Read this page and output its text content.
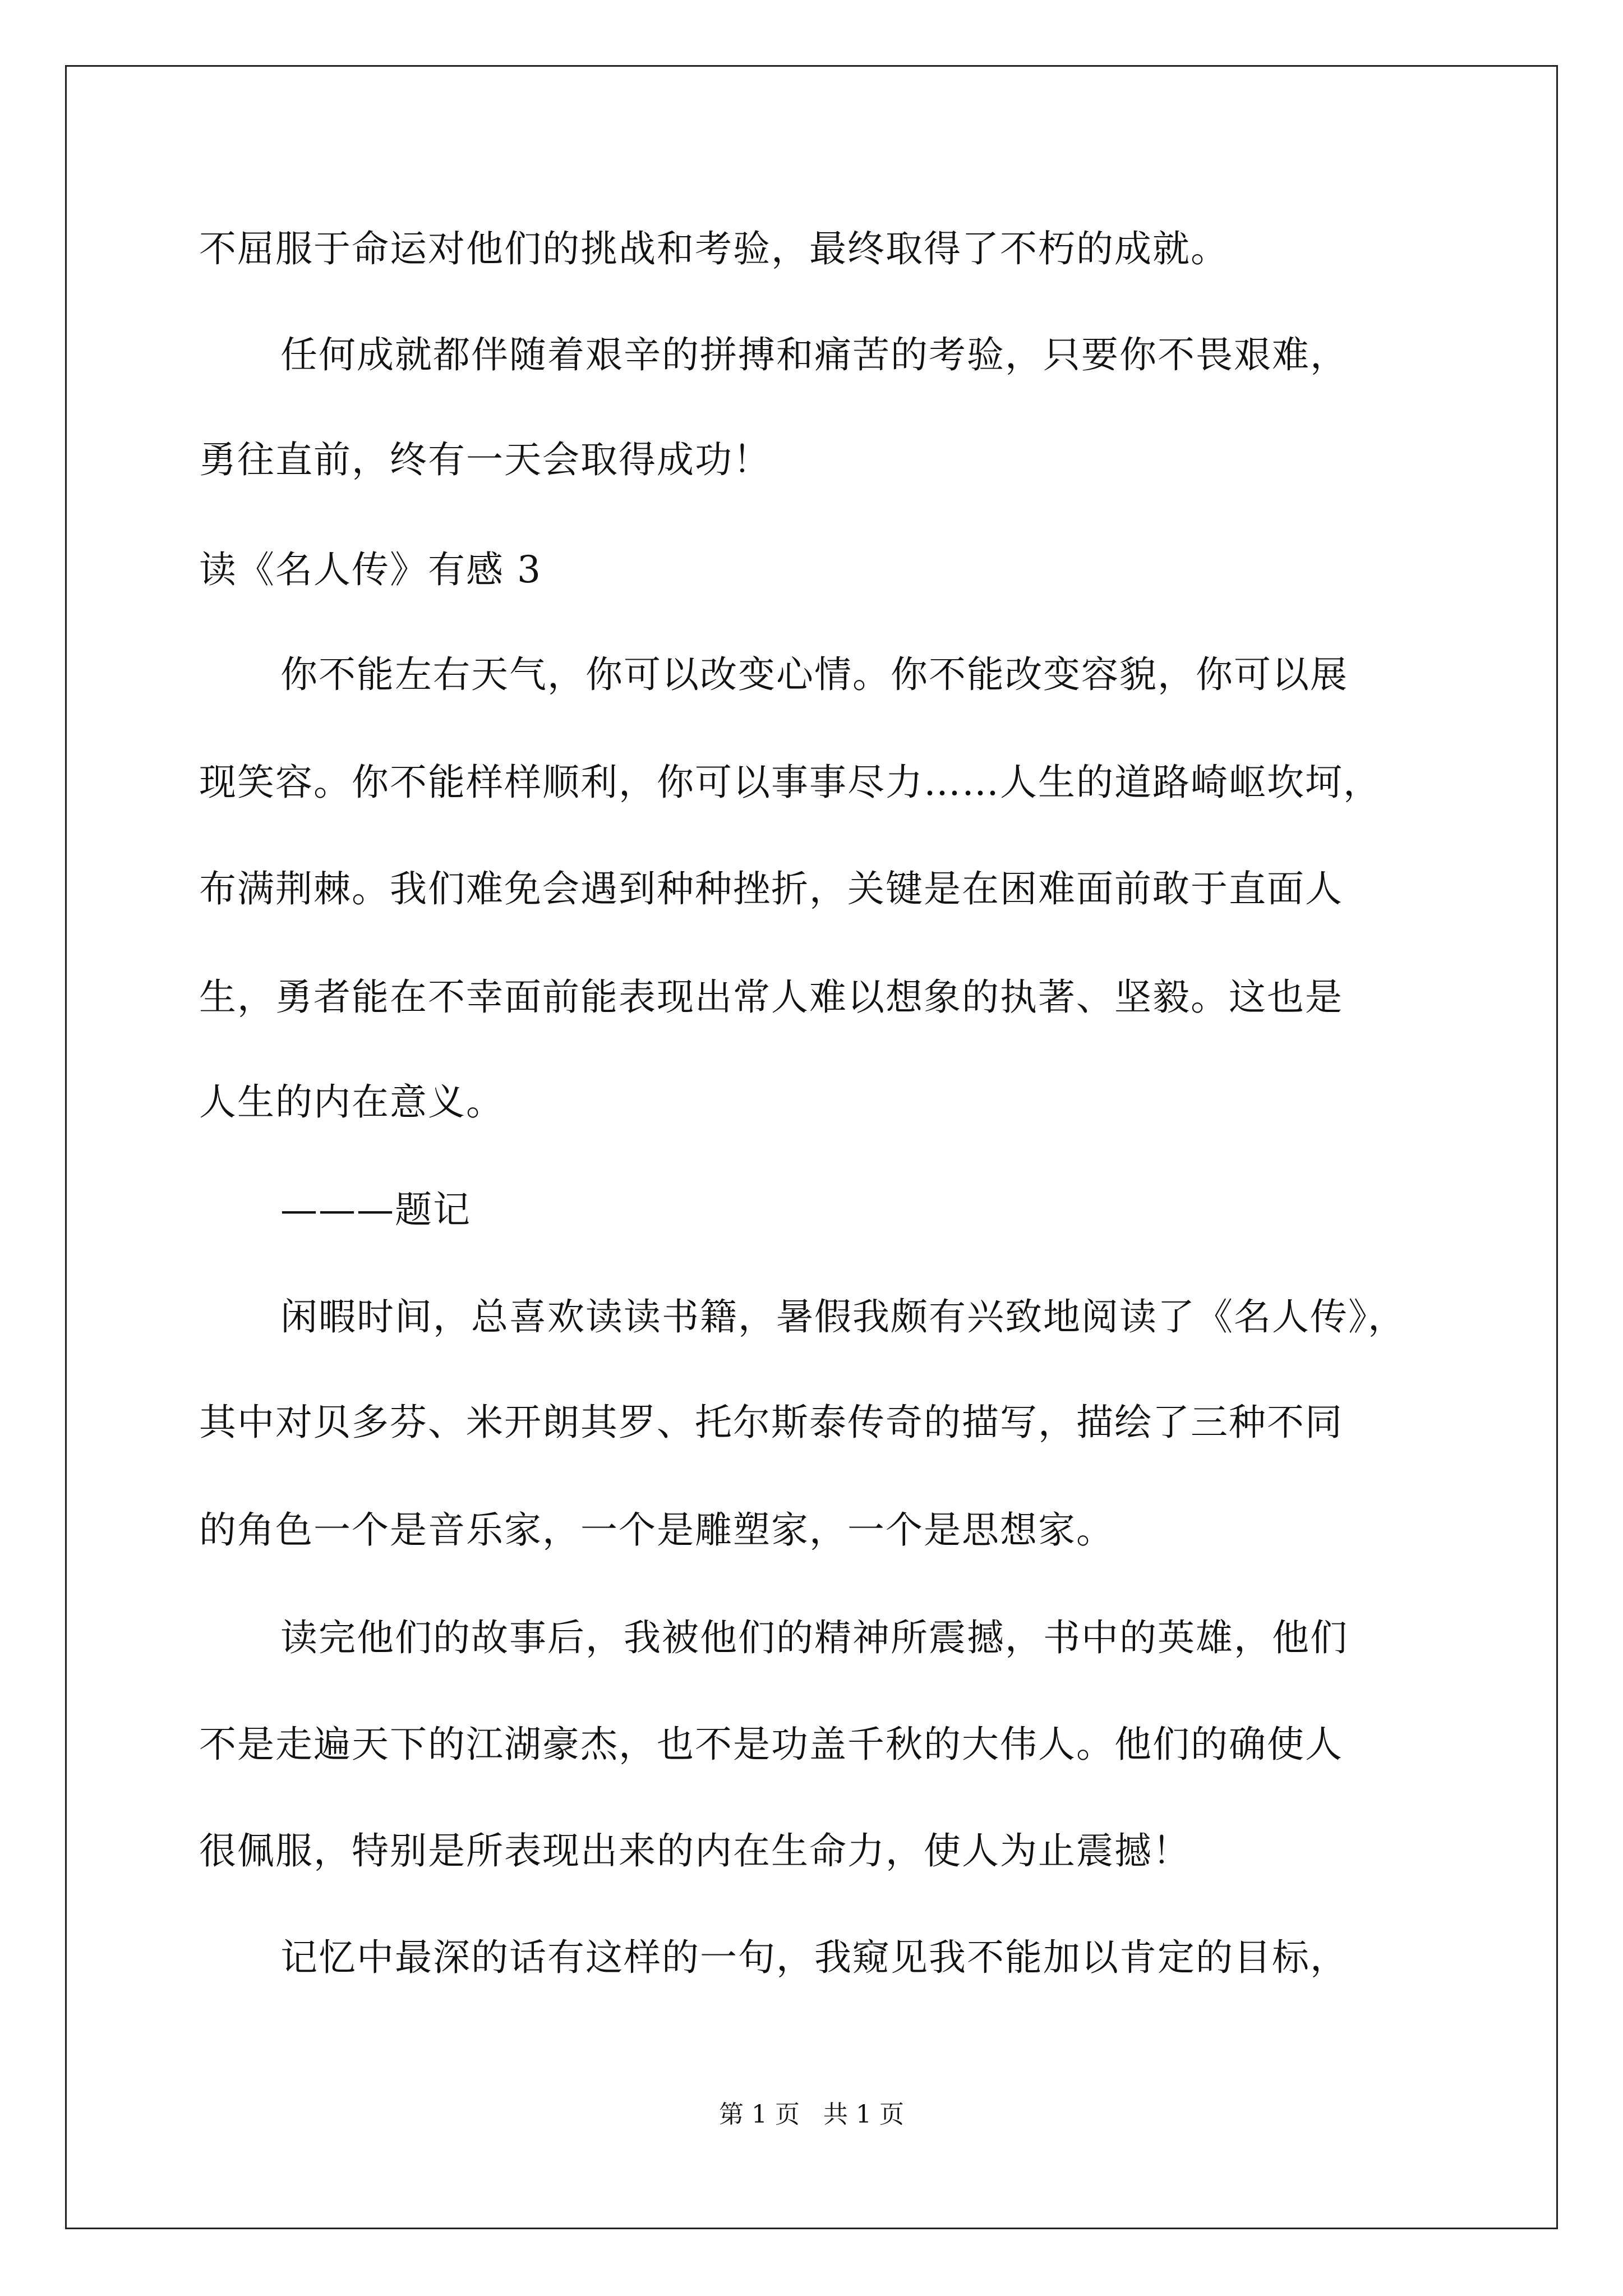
不屈服于命运对他们的挑战和考验，最终取得了不朽的成就。
任何成就都伴随着艰辛的拼搏和痛苦的考验，只要你不畏艰难，
勇往直前，终有一天会取得成功！
读《名人传》有感 3
你不能左右天气，你可以改变心情。你不能改变容貌，你可以展
现笑容。你不能样样顺利，你可以事事尽力……人生的道路崎岖坎坷，
布满荆棘。我们难免会遇到种种挫折，关键是在困难面前敢于直面人
生，勇者能在不幸面前能表现出常人难以想象的执著、坚毅。这也是
人生的内在意义。
———题记
闲暇时间，总喜欢读读书籍，暑假我颇有兴致地阅读了《名人传》，
其中对贝多芬、米开朗其罗、托尔斯泰传奇的描写，描绘了三种不同
的角色一个是音乐家，一个是雕塑家，一个是思想家。
读完他们的故事后，我被他们的精神所震撼，书中的英雄，他们
不是走遍天下的江湖豪杰，也不是功盖千秋的大伟人。他们的确使人
很佩服，特别是所表现出来的内在生命力，使人为止震撼！
记忆中最深的话有这样的一句，我窥见我不能加以肯定的目标，
第 1 页   共 1 页
